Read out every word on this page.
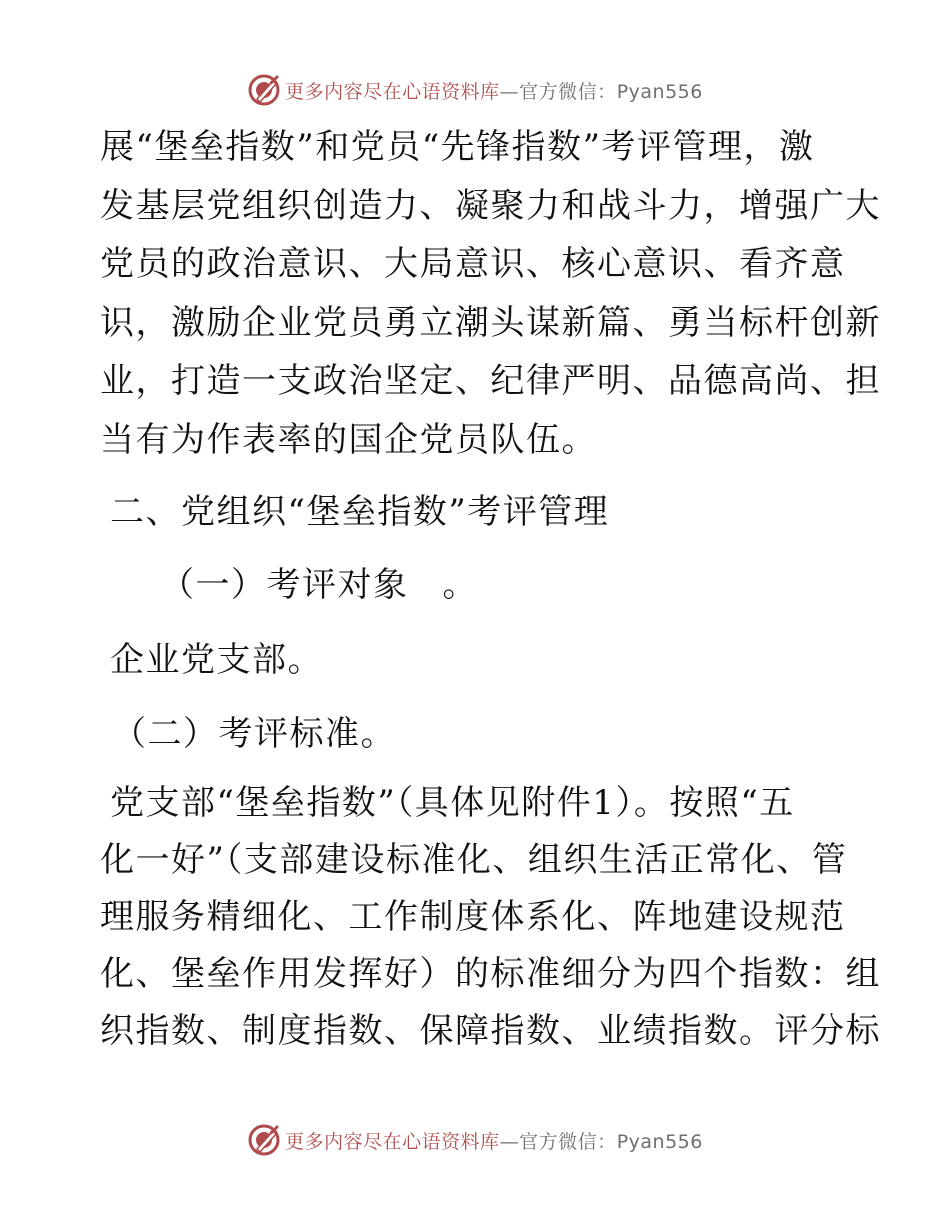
更多内容尽在心语资料库—官方微信：Pyan556
展“堡垒指数”和党员“先锋指数”考评管理，激
发基层党组织创造力、凝聚力和战斗力，增强广大
党员的政治意识、大局意识、核心意识、看齐意
识，激励企业党员勇立潮头谋新篇、勇当标杆创新
业，打造一支政治坚定、纪律严明、品德高尚、担
当有为作表率的国企党员队伍。
二、党组织“堡垒指数”考评管理
（一）考评对象 。
企业党支部。
（二）考评标准。
党支部“堡垒指数”（具体见附件1）。按照“五
化一好”（支部建设标准化、组织生活正常化、管
理服务精细化、工作制度体系化、阵地建设规范
化、堡垒作用发挥好）的标准细分为四个指数：组
织指数、制度指数、保障指数、业绩指数。评分标
更多内容尽在心语资料库—官方微信：Pyan556
